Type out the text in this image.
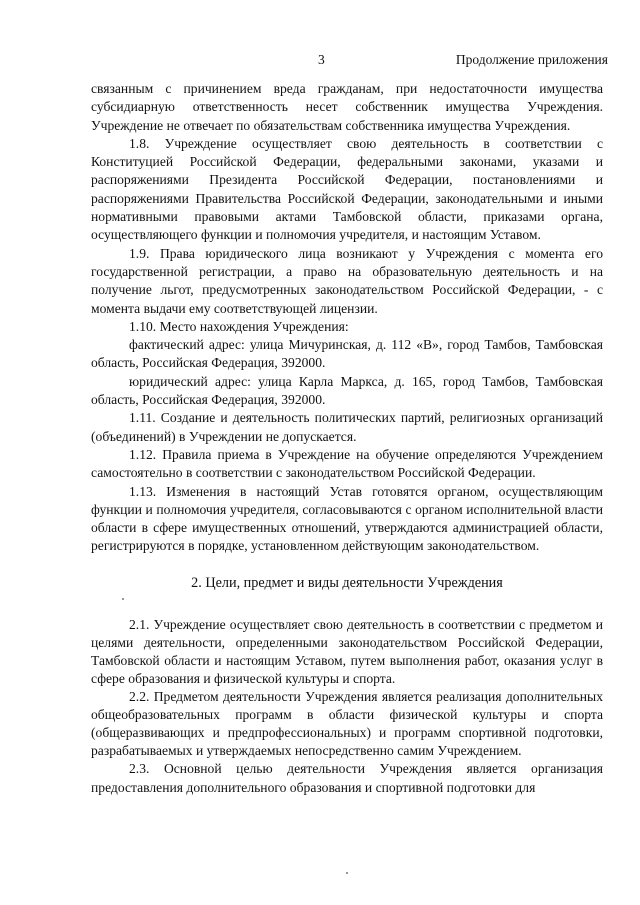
3	Продолжение приложения

связанным с причинением вреда гражданам, при недостаточности имущества субсидиарную ответственность несет собственник имущества Учреждения. Учреждение не отвечает по обязательствам собственника имущества Учреждения.

1.8. Учреждение осуществляет свою деятельность в соответствии с Конституцией Российской Федерации, федеральными законами, указами и распоряжениями Президента Российской Федерации, постановлениями и распоряжениями Правительства Российской Федерации, законодательными и иными нормативными правовыми актами Тамбовской области, приказами органа, осуществляющего функции и полномочия учредителя, и настоящим Уставом.

1.9. Права юридического лица возникают у Учреждения с момента его государственной регистрации, а право на образовательную деятельность и на получение льгот, предусмотренных законодательством Российской Федерации, - с момента выдачи ему соответствующей лицензии.

1.10. Место нахождения Учреждения:

фактический адрес: улица Мичуринская, д. 112 «В», город Тамбов, Тамбовская область, Российская Федерация, 392000.

юридический адрес: улица Карла Маркса, д. 165, город Тамбов, Тамбовская область, Российская Федерация, 392000.

1.11. Создание и деятельность политических партий, религиозных организаций (объединений) в Учреждении не допускается.

1.12. Правила приема в Учреждение на обучение определяются Учреждением самостоятельно в соответствии с законодательством Российской Федерации.

1.13. Изменения в настоящий Устав готовятся органом, осуществляющим функции и полномочия учредителя, согласовываются с органом исполнительной власти области в сфере имущественных отношений, утверждаются администрацией области, регистрируются в порядке, установленном действующим законодательством.

2. Цели, предмет и виды деятельности Учреждения

2.1. Учреждение осуществляет свою деятельность в соответствии с предметом и целями деятельности, определенными законодательством Российской Федерации, Тамбовской области и настоящим Уставом, путем выполнения работ, оказания услуг в сфере образования и физической культуры и спорта.

2.2. Предметом деятельности Учреждения является реализация дополнительных общеобразовательных программ в области физической культуры и спорта (общеразвивающих и предпрофессиональных) и программ спортивной подготовки, разрабатываемых и утверждаемых непосредственно самим Учреждением.

2.3. Основной целью деятельности Учреждения является организация предоставления дополнительного образования и спортивной подготовки для
